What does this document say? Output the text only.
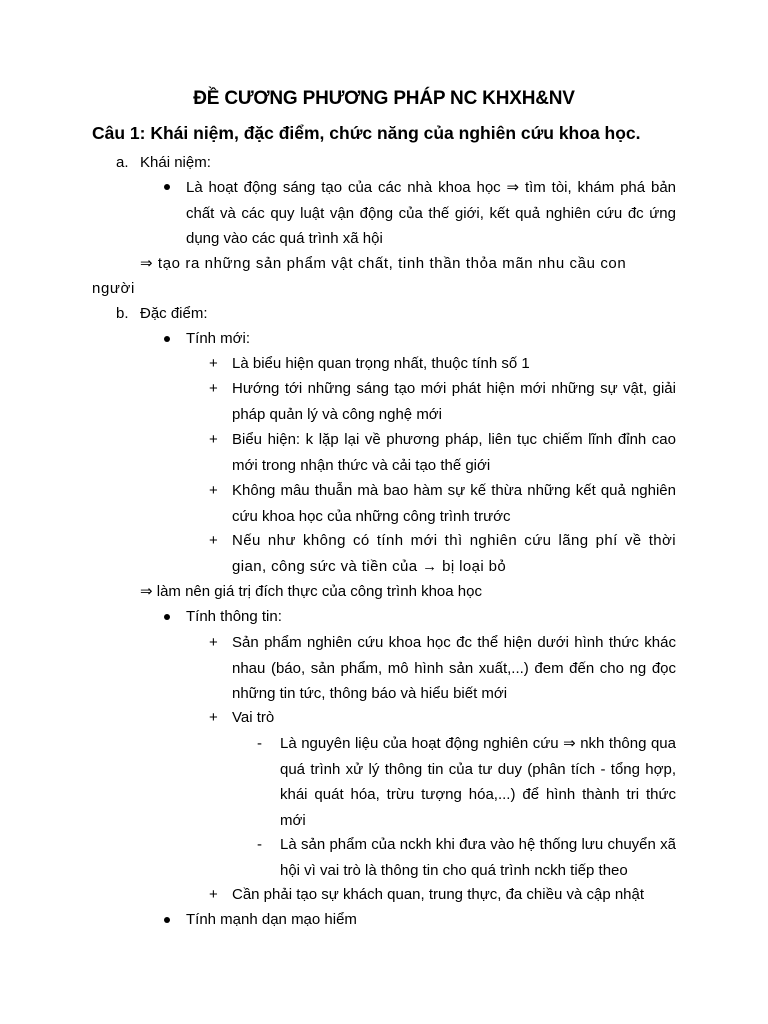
ĐỀ CƯƠNG PHƯƠNG PHÁP NC KHXH&NV
Câu 1: Khái niệm, đặc điểm, chức năng của nghiên cứu khoa học.
a. Khái niệm:
Là hoạt động sáng tạo của các nhà khoa học ⇒ tìm tòi, khám phá bản chất và các quy luật vận động của thế giới, kết quả nghiên cứu đc ứng dụng vào các quá trình xã hội
⇒ tạo ra những sản phẩm vật chất, tinh thần thỏa mãn nhu cầu con
người
b. Đặc điểm:
Tính mới:
+ Là biểu hiện quan trọng nhất, thuộc tính số 1
+ Hướng tới những sáng tạo mới phát hiện mới những sự vật, giải pháp quản lý và công nghệ mới
+ Biểu hiện: k lặp lại về phương pháp, liên tục chiếm lĩnh đỉnh cao mới trong nhận thức và cải tạo thế giới
+ Không mâu thuẫn mà bao hàm sự kế thừa những kết quả nghiên cứu khoa học của những công trình trước
+ Nếu như không có tính mới thì nghiên cứu lãng phí về thời gian, công sức và tiền của → bị loại bỏ
⇒ làm nên giá trị đích thực của công trình khoa học
Tính thông tin:
+ Sản phẩm nghiên cứu khoa học đc thể hiện dưới hình thức khác nhau (báo, sản phẩm, mô hình sản xuất,...) đem đến cho ng đọc những tin tức, thông báo và hiểu biết mới
+ Vai trò
- Là nguyên liệu của hoạt động nghiên cứu ⇒ nkh thông qua quá trình xử lý thông tin của tư duy (phân tích - tổng hợp, khái quát hóa, trừu tượng hóa,...) để hình thành tri thức mới
- Là sản phẩm của nckh khi đưa vào hệ thống lưu chuyển xã hội vì vai trò là thông tin cho quá trình nckh tiếp theo
+ Cần phải tạo sự khách quan, trung thực, đa chiều và cập nhật
Tính mạnh dạn mạo hiểm
